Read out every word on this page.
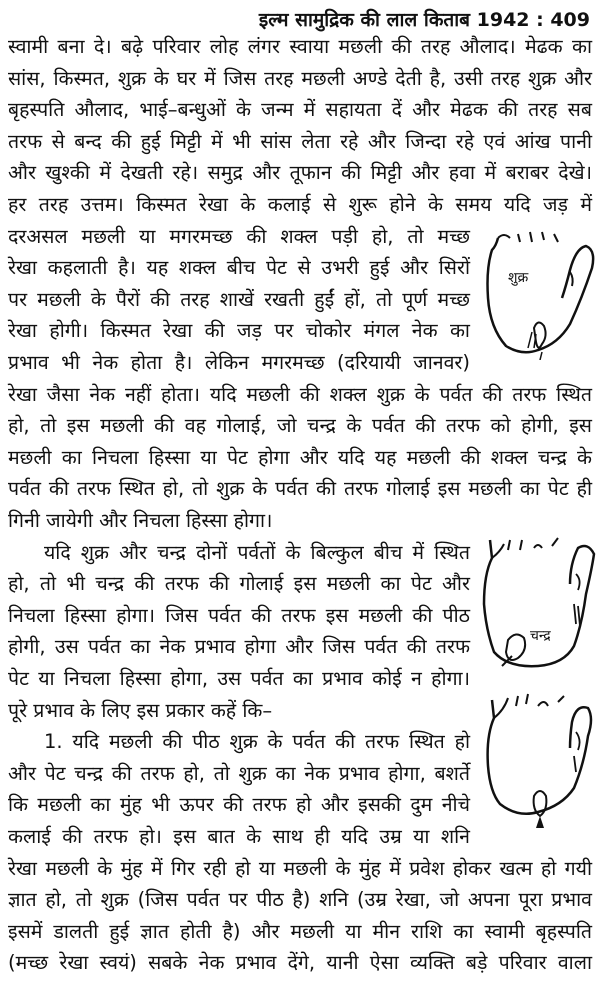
इल्म सामुद्रिक की लाल किताब 1942 : 409
स्वामी बना दे। बढ़े परिवार लोह लंगर स्वाया मछली की तरह औलाद। मेढक का
सांस, किस्मत, शुक्र के घर में जिस तरह मछली अण्डे देती है, उसी तरह शुक्र और
बृहस्पति औलाद, भाई–बन्धुओं के जन्म में सहायता दें और मेढक की तरह सब
तरफ से बन्द की हुई मिट्टी में भी सांस लेता रहे और जिन्दा रहे एवं आंख पानी
और खुश्की में देखती रहे। समुद्र और तूफान की मिट्टी और हवा में बराबर देखे।
हर तरह उत्तम। किस्मत रेखा के कलाई से शुरू होने के समय यदि जड़ में
दरअसल मछली या मगरमच्छ की शक्ल पड़ी हो, तो मच्छ
रेखा कहलाती है। यह शक्ल बीच पेट से उभरी हुई और सिरों
पर मछली के पैरों की तरह शाखें रखती हुईं हों, तो पूर्ण मच्छ
रेखा होगी। किस्मत रेखा की जड़ पर चोकोर मंगल नेक का
प्रभाव भी नेक होता है। लेकिन मगरमच्छ (दरियायी जानवर)
रेखा जैसा नेक नहीं होता। यदि मछली की शक्ल शुक्र के पर्वत की तरफ स्थित
हो, तो इस मछली की वह गोलाई, जो चन्द्र के पर्वत की तरफ को होगी, इस
मछली का निचला हिस्सा या पेट होगा और यदि यह मछली की शक्ल चन्द्र के
पर्वत की तरफ स्थित हो, तो शुक्र के पर्वत की तरफ गोलाई इस मछली का पेट ही
गिनी जायेगी और निचला हिस्सा होगा।
यदि शुक्र और चन्द्र दोनों पर्वतों के बिल्कुल बीच में स्थित
हो, तो भी चन्द्र की तरफ की गोलाई इस मछली का पेट और
निचला हिस्सा होगा। जिस पर्वत की तरफ इस मछली की पीठ
होगी, उस पर्वत का नेक प्रभाव होगा और जिस पर्वत की तरफ
पेट या निचला हिस्सा होगा, उस पर्वत का प्रभाव कोई न होगा।
पूरे प्रभाव के लिए इस प्रकार कहें कि–
1. यदि मछली की पीठ शुक्र के पर्वत की तरफ स्थित हो
और पेट चन्द्र की तरफ हो, तो शुक्र का नेक प्रभाव होगा, बशर्ते
कि मछली का मुंह भी ऊपर की तरफ हो और इसकी दुम नीचे
कलाई की तरफ हो। इस बात के साथ ही यदि उम्र या शनि
रेखा मछली के मुंह में गिर रही हो या मछली के मुंह में प्रवेश होकर खत्म हो गयी
ज्ञात हो, तो शुक्र (जिस पर्वत पर पीठ है) शनि (उम्र रेखा, जो अपना पूरा प्रभाव
इसमें डालती हुई ज्ञात होती है) और मछली या मीन राशि का स्वामी बृहस्पति
(मच्छ रेखा स्वयं) सबके नेक प्रभाव देंगे, यानी ऐसा व्यक्ति बड़े परिवार वाला
शुक्र
चन्द्र
